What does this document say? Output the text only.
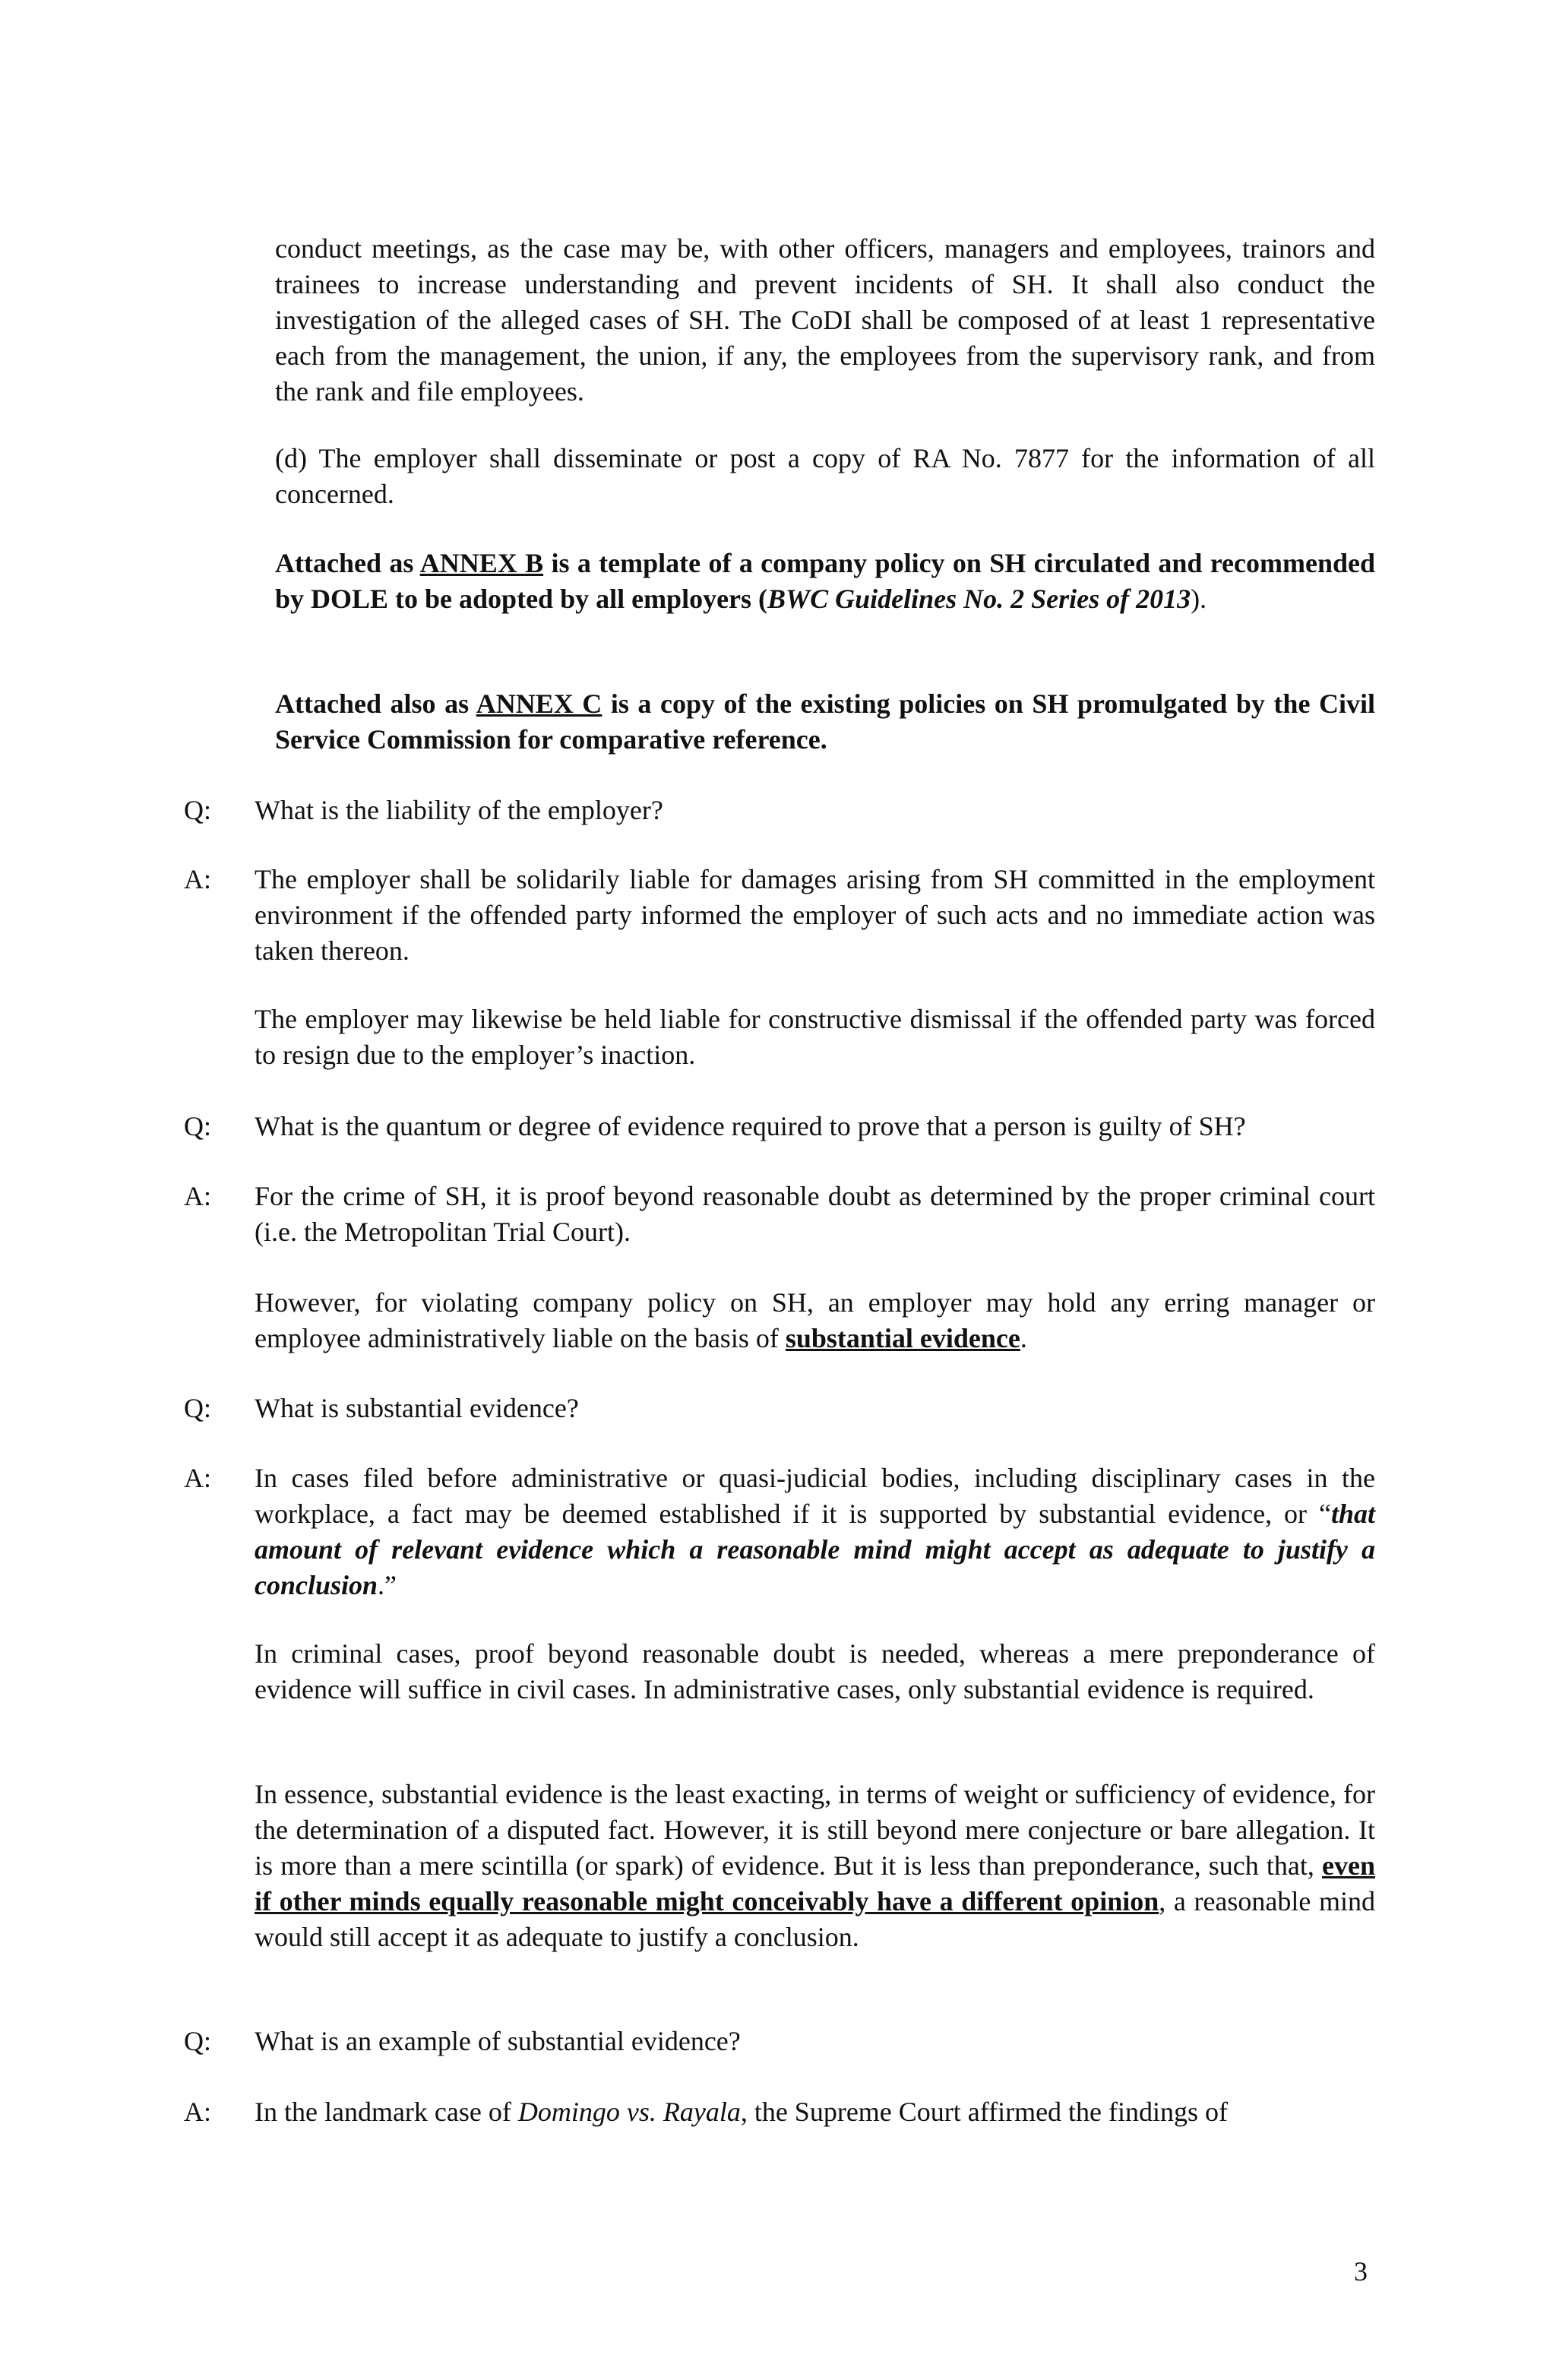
conduct meetings, as the case may be, with other officers, managers and employees, trainors and trainees to increase understanding and prevent incidents of SH. It shall also conduct the investigation of the alleged cases of SH. The CoDI shall be composed of at least 1 representative each from the management, the union, if any, the employees from the supervisory rank, and from the rank and file employees.

(d) The employer shall disseminate or post a copy of RA No. 7877 for the information of all concerned.

Attached as ANNEX B is a template of a company policy on SH circulated and recommended by DOLE to be adopted by all employers (BWC Guidelines No. 2 Series of 2013).

Attached also as ANNEX C is a copy of the existing policies on SH promulgated by the Civil Service Commission for comparative reference.

Q: What is the liability of the employer?

A: The employer shall be solidarily liable for damages arising from SH committed in the employment environment if the offended party informed the employer of such acts and no immediate action was taken thereon.

The employer may likewise be held liable for constructive dismissal if the offended party was forced to resign due to the employer’s inaction.

Q: What is the quantum or degree of evidence required to prove that a person is guilty of SH?

A: For the crime of SH, it is proof beyond reasonable doubt as determined by the proper criminal court (i.e. the Metropolitan Trial Court).

However, for violating company policy on SH, an employer may hold any erring manager or employee administratively liable on the basis of substantial evidence.

Q: What is substantial evidence?

A: In cases filed before administrative or quasi-judicial bodies, including disciplinary cases in the workplace, a fact may be deemed established if it is supported by substantial evidence, or “that amount of relevant evidence which a reasonable mind might accept as adequate to justify a conclusion.”

In criminal cases, proof beyond reasonable doubt is needed, whereas a mere preponderance of evidence will suffice in civil cases. In administrative cases, only substantial evidence is required.

In essence, substantial evidence is the least exacting, in terms of weight or sufficiency of evidence, for the determination of a disputed fact. However, it is still beyond mere conjecture or bare allegation. It is more than a mere scintilla (or spark) of evidence. But it is less than preponderance, such that, even if other minds equally reasonable might conceivably have a different opinion, a reasonable mind would still accept it as adequate to justify a conclusion.

Q: What is an example of substantial evidence?

A: In the landmark case of Domingo vs. Rayala, the Supreme Court affirmed the findings of

3
